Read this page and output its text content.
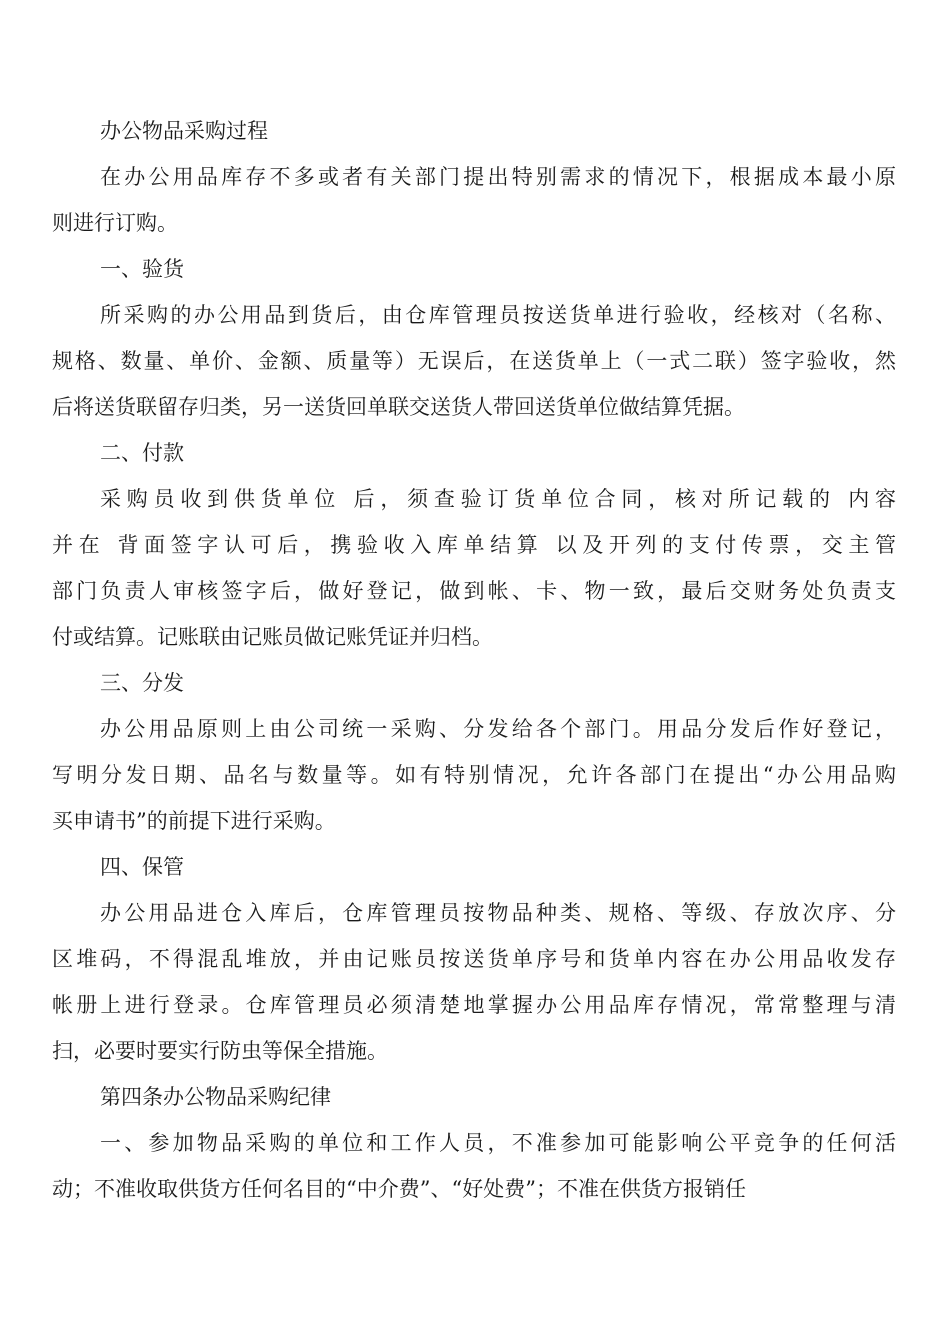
办公物品采购过程
在办公用品库存不多或者有关部门提出特别需求的情况下，根据成本最小原
则进行订购。
一、验货
所采购的办公用品到货后，由仓库管理员按送货单进行验收，经核对（名称、
规格、数量、单价、金额、质量等）无误后，在送货单上（一式二联）签字验收，然
后将送货联留存归类，另一送货回单联交送货人带回送货单位做结算凭据。
二、付款
采购员收到供货单位 后，须查验订货单位合同，核对所记载的 内容
并在 背面签字认可后，携验收入库单结算 以及开列的支付传票，交主管
部门负责人审核签字后，做好登记，做到帐、卡、物一致，最后交财务处负责支
付或结算。记账联由记账员做记账凭证并归档。
三、分发
办公用品原则上由公司统一采购、分发给各个部门。用品分发后作好登记，
写明分发日期、品名与数量等。如有特别情况，允许各部门在提出“办公用品购
买申请书”的前提下进行采购。
四、保管
办公用品进仓入库后，仓库管理员按物品种类、规格、等级、存放次序、分
区堆码，不得混乱堆放，并由记账员按送货单序号和货单内容在办公用品收发存
帐册上进行登录。仓库管理员必须清楚地掌握办公用品库存情况，常常整理与清
扫，必要时要实行防虫等保全措施。
第四条办公物品采购纪律
一、参加物品采购的单位和工作人员，不准参加可能影响公平竞争的任何活
动；不准收取供货方任何名目的“中介费”、“好处费”；不准在供货方报销任
